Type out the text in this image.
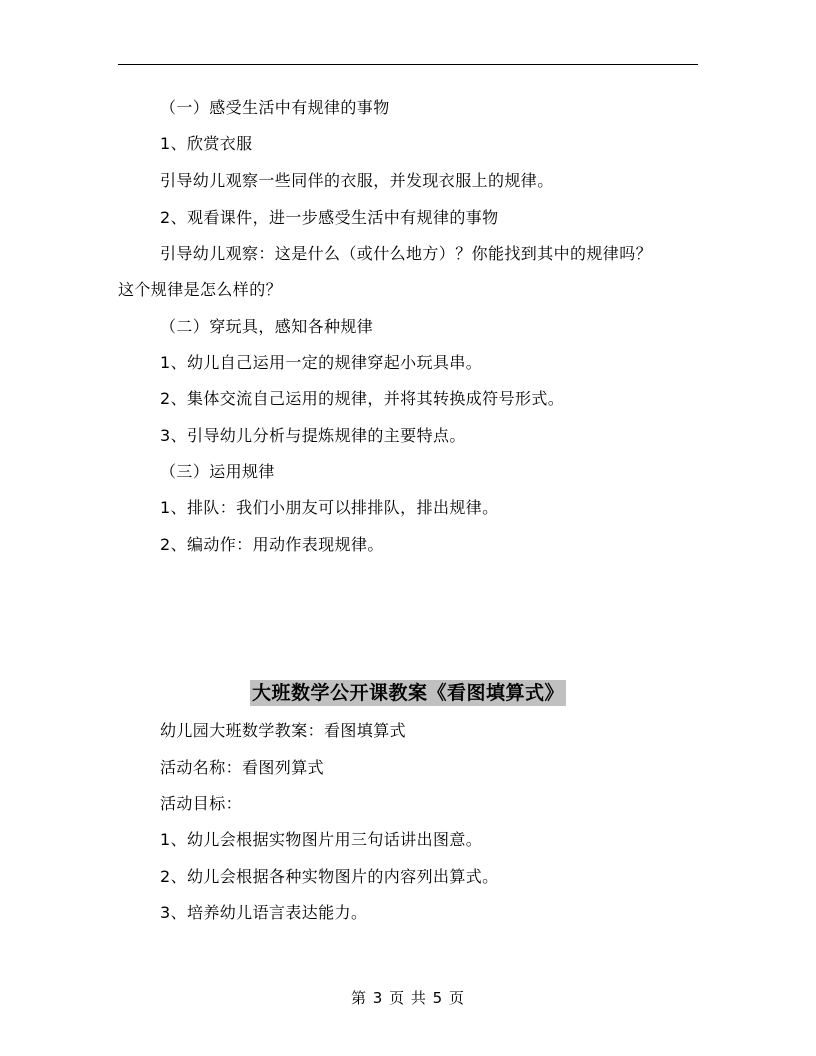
（一）感受生活中有规律的事物
1、欣赏衣服
引导幼儿观察一些同伴的衣服，并发现衣服上的规律。
2、观看课件，进一步感受生活中有规律的事物
引导幼儿观察：这是什么（或什么地方）？你能找到其中的规律吗？
这个规律是怎么样的？
（二）穿玩具，感知各种规律
1、幼儿自己运用一定的规律穿起小玩具串。
2、集体交流自己运用的规律，并将其转换成符号形式。
3、引导幼儿分析与提炼规律的主要特点。
（三）运用规律
1、排队：我们小朋友可以排排队，排出规律。
2、编动作：用动作表现规律。
大班数学公开课教案《看图填算式》
幼儿园大班数学教案：看图填算式
活动名称：看图列算式
活动目标：
1、幼儿会根据实物图片用三句话讲出图意。
2、幼儿会根据各种实物图片的内容列出算式。
3、培养幼儿语言表达能力。
第 3 页 共 5 页
